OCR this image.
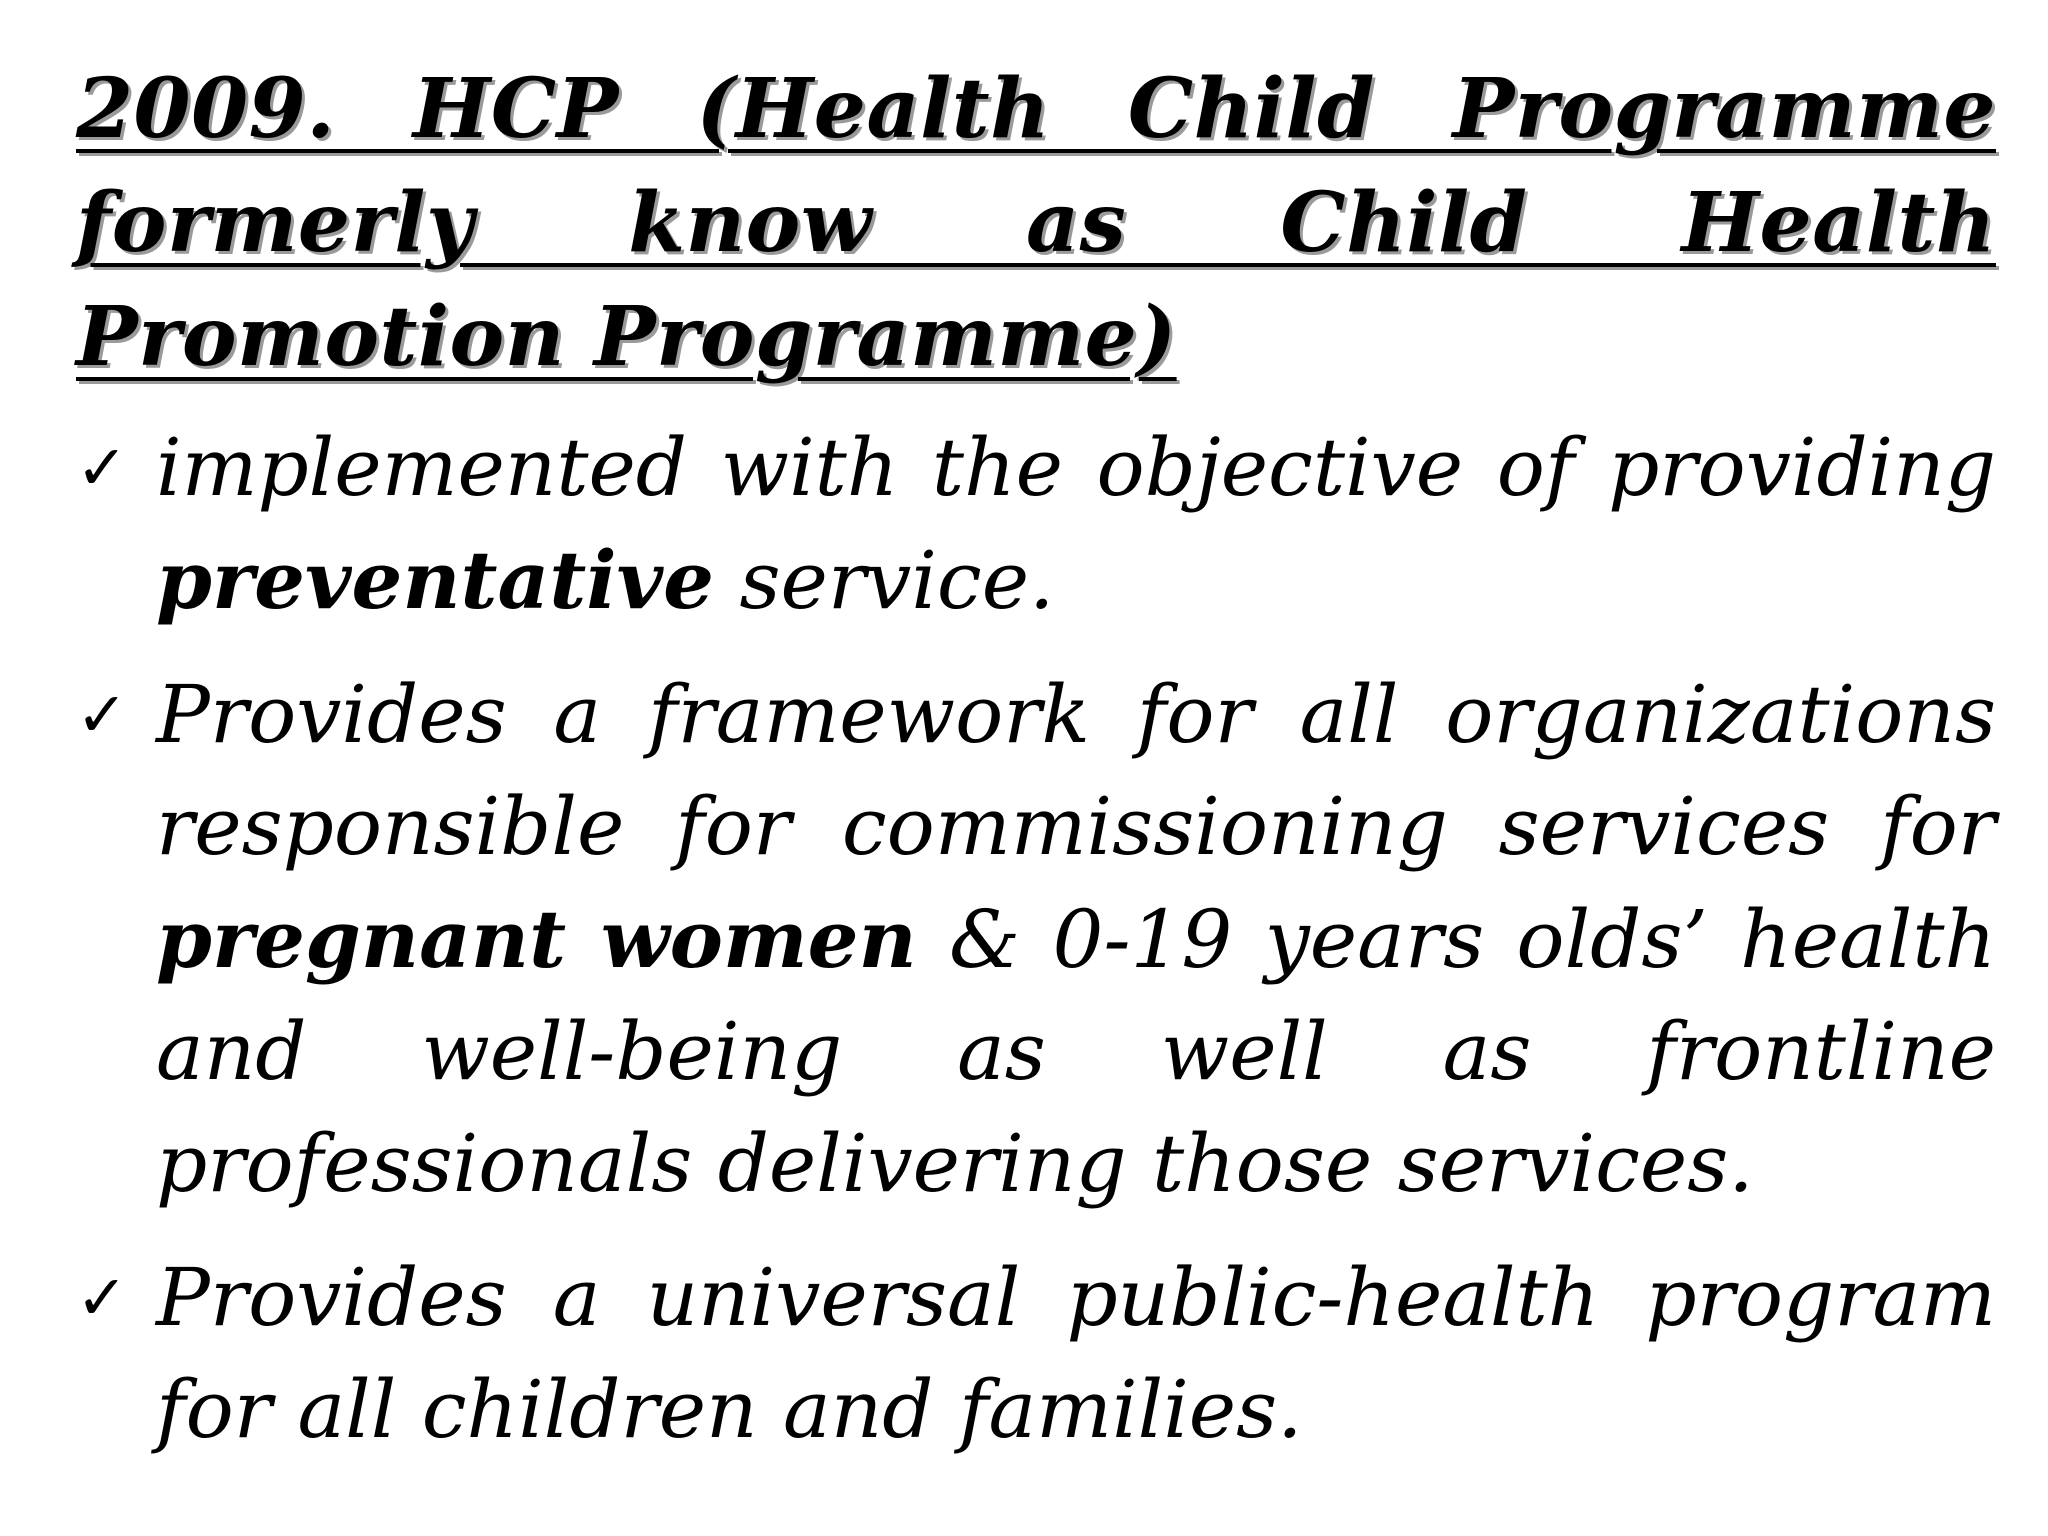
2009. HCP (Health Child Programme formerly know as Child Health Promotion Programme)
✓ implemented with the objective of providing preventative service.
✓ Provides a framework for all organizations responsible for commissioning services for pregnant women & 0-19 years olds’ health and well-being as well as frontline professionals delivering those services.
✓ Provides a universal public-health program for all children and families.
